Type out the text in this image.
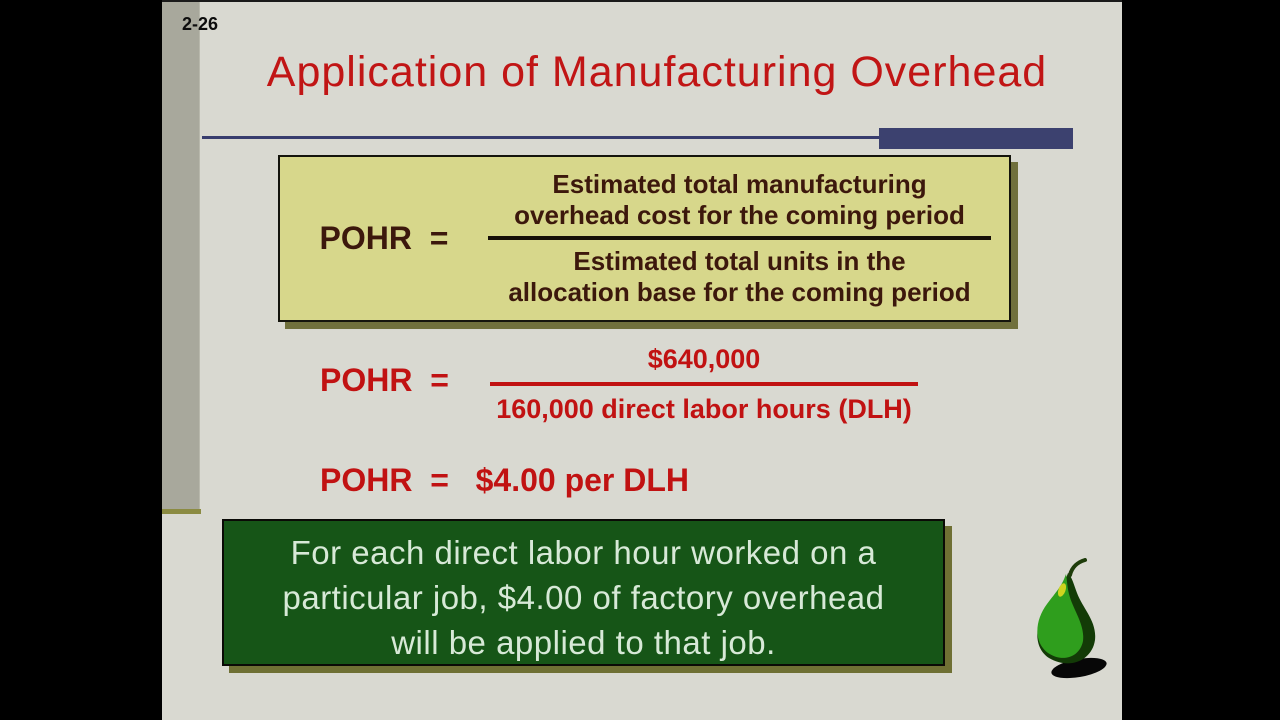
2-26
Application of Manufacturing Overhead
POHR  =
Estimated total manufacturing
overhead cost for the coming period
Estimated total units in the
allocation base for the coming period
POHR  =
$640,000
160,000 direct labor hours (DLH)
POHR  =   $4.00 per DLH
For each direct labor hour worked on a
particular job, $4.00 of factory overhead
will be applied to that job.
